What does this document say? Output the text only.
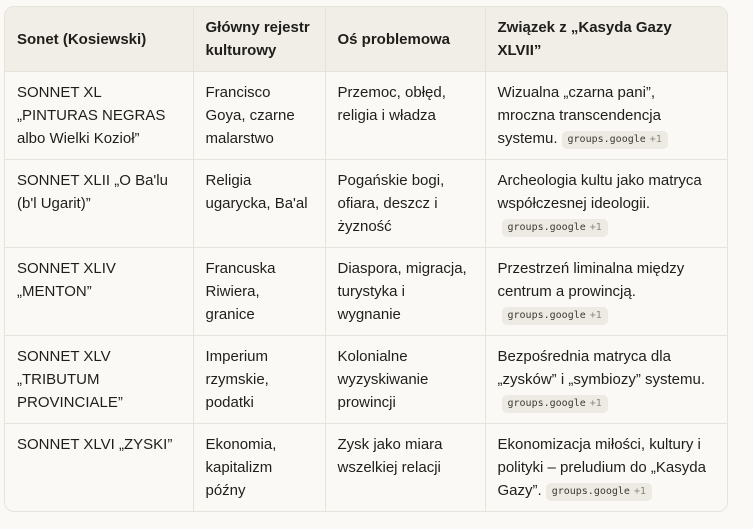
Sonet (Kosiewski)	Główny rejestr kulturowy	Oś problemowa	Związek z „Kasyda Gazy XLVII”
SONNET XL „PINTURAS NEGRAS albo Wielki Kozioł”	Francisco Goya, czarne malarstwo	Przemoc, obłęd, religia i władza	Wizualna „czarna pani”, mroczna transcendencja systemu. groups.google +1
SONNET XLII „O Ba'lu (b'l Ugarit)”	Religia ugarycka, Ba'al	Pogańskie bogi, ofiara, deszcz i żyzność	Archeologia kultu jako matryca współczesnej ideologii.groups.google +1
SONNET XLIV „MENTON”	Francuska Riwiera, granice	Diaspora, migracja, turystyka i wygnanie	Przestrzeń liminalna między centrum a prowincją.groups.google +1
SONNET XLV „TRIBUTUM PROVINCIALE”	Imperium rzymskie, podatki	Kolonialne wyzyskiwanie prowincji	Bezpośrednia matryca dla „zysków” i „symbiozy” systemu.groups.google +1
SONNET XLVI „ZYSKI”	Ekonomia, kapitalizm późny	Zysk jako miara wszelkiej relacji	Ekonomizacja miłości, kultury i polityki – preludium do „Kasyda Gazy”. groups.google +1
